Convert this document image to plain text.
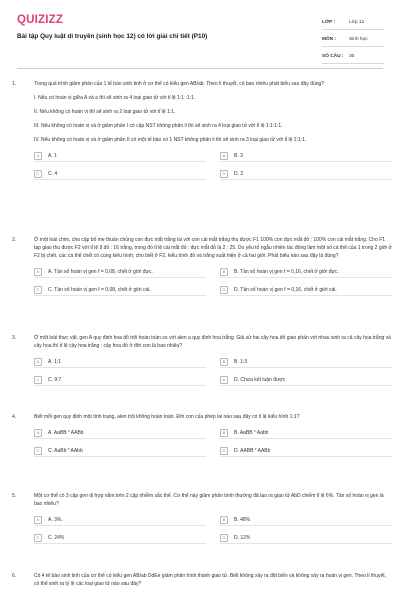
QUIZIZZ
Bài tập Quy luật di truyền (sinh học 12) có lời giải chi tiết (P10)
LỚP :	Lớp 12
MÔN :	Sinh học
SỐ CÂU :	30
1.	Trong quá trình giảm phân của 1 tế bào sinh tinh ở cơ thể có kiểu gen AB/ab. Theo lí thuyết, có bao nhiêu phát biểu sau đây đúng?

I. Nếu có hoán vị giữa A và a thì sẽ sinh ra 4 loại giao tử với tỉ lệ 1:1 :1:1.

II. Nếu không có hoán vị thì sẽ sinh ra 2 loại giao tử với tỉ lệ 1:1.

III. Nếu không có hoán vị và ở giảm phân I có cặp NST không phân li thì sẽ sinh ra 4 loại giao tử với tỉ lệ 1:1:1:1.

IV. Nếu không có hoán vị và ở giảm phân II có một tế bào có 1 NST không phân li thì sẽ sinh ra 3 loại giao tử với tỉ lệ 2:1:1.

A	A. 1	B	B. 3
C	C. 4	D	D. 2
2.	Ở một loài chim, cho cặp bố mẹ thuần chủng con đực mắt trắng lai với con cái mắt trắng thu được F1 100% con đực mắt đỏ : 100% con cái mắt trắng. Cho F1 tạp giao thu được F2 với tỉ lệ 9 đỏ : 16 trắng, trong đó tỉ lệ cái mắt đỏ : đực mắt đỏ là 2 : 25. Do yêu tố ngẫu nhiên tác động làm một số cá thể của 1 trong 2 giới ở F2 bị chết, các cá thể chết có cùng kiểu hình; cho biết ở F2, kiểu hình đỏ và trắng xuất hiện ở cả hai giới. Phát biểu nào sau đây là đúng?

A	A. Tần số hoán vị gen f = 0,08, chết ở giới đực.	B	B. Tần số hoán vị gen f = 0,16, chết ở giới đực.
C	C. Tần số hoán vị gen f = 0,08, chết ở giới cái.	D	D. Tần số hoán vị gen f = 0,16, chết ở giới cái.
3.	Ở một loài thực vật, gen A quy định hoa đỏ trội hoàn toàn so với alen a quy định hoa trắng. Giả sử hai cây hoa đỏ giao phấn với nhau sinh ra cả cây hoa trắng và cây hoa thì tỉ lệ cây hoa trắng : cây hoa đỏ ở đời con là bao nhiêu?

A	A. 1:1	B	B. 1:3
C	C. 9:7	D	D. Chưa kết luận được
4.	Biết mỗi gen quy định một tính trạng, alen trội không hoàn toàn. Đời con của phép lai nào sau đây có tỉ lệ kiểu hình 1:1?

A	A. AaBB ˟ AABb	B	B. AaBB ˟ Aabb
C	C. AaBb ˟ AAbb	D	D. AABB ˟ AABb
5.	Một cơ thể có 3 cặp gen dị hợp nằm trên 2 cặp nhiễm sắc thể. Cơ thể này giảm phân bình thường đã tạo ra giao tử AbD chiếm tỉ lệ 6%. Tần số hoán vị gen là bao nhiêu?

A	A. 3%.	B	B. 48%
C	C. 24%	D	D. 12%
6.	Có 4 tế bào sinh tinh của cơ thể có kiểu gen AB/ab DdEe giảm phân hình thành giao tử. Biết không xảy ra đột biến và không xảy ra hoán vị gen. Theo lí thuyết, có thể sinh ra tỷ lệ các loại giao tử nào sau đây?
